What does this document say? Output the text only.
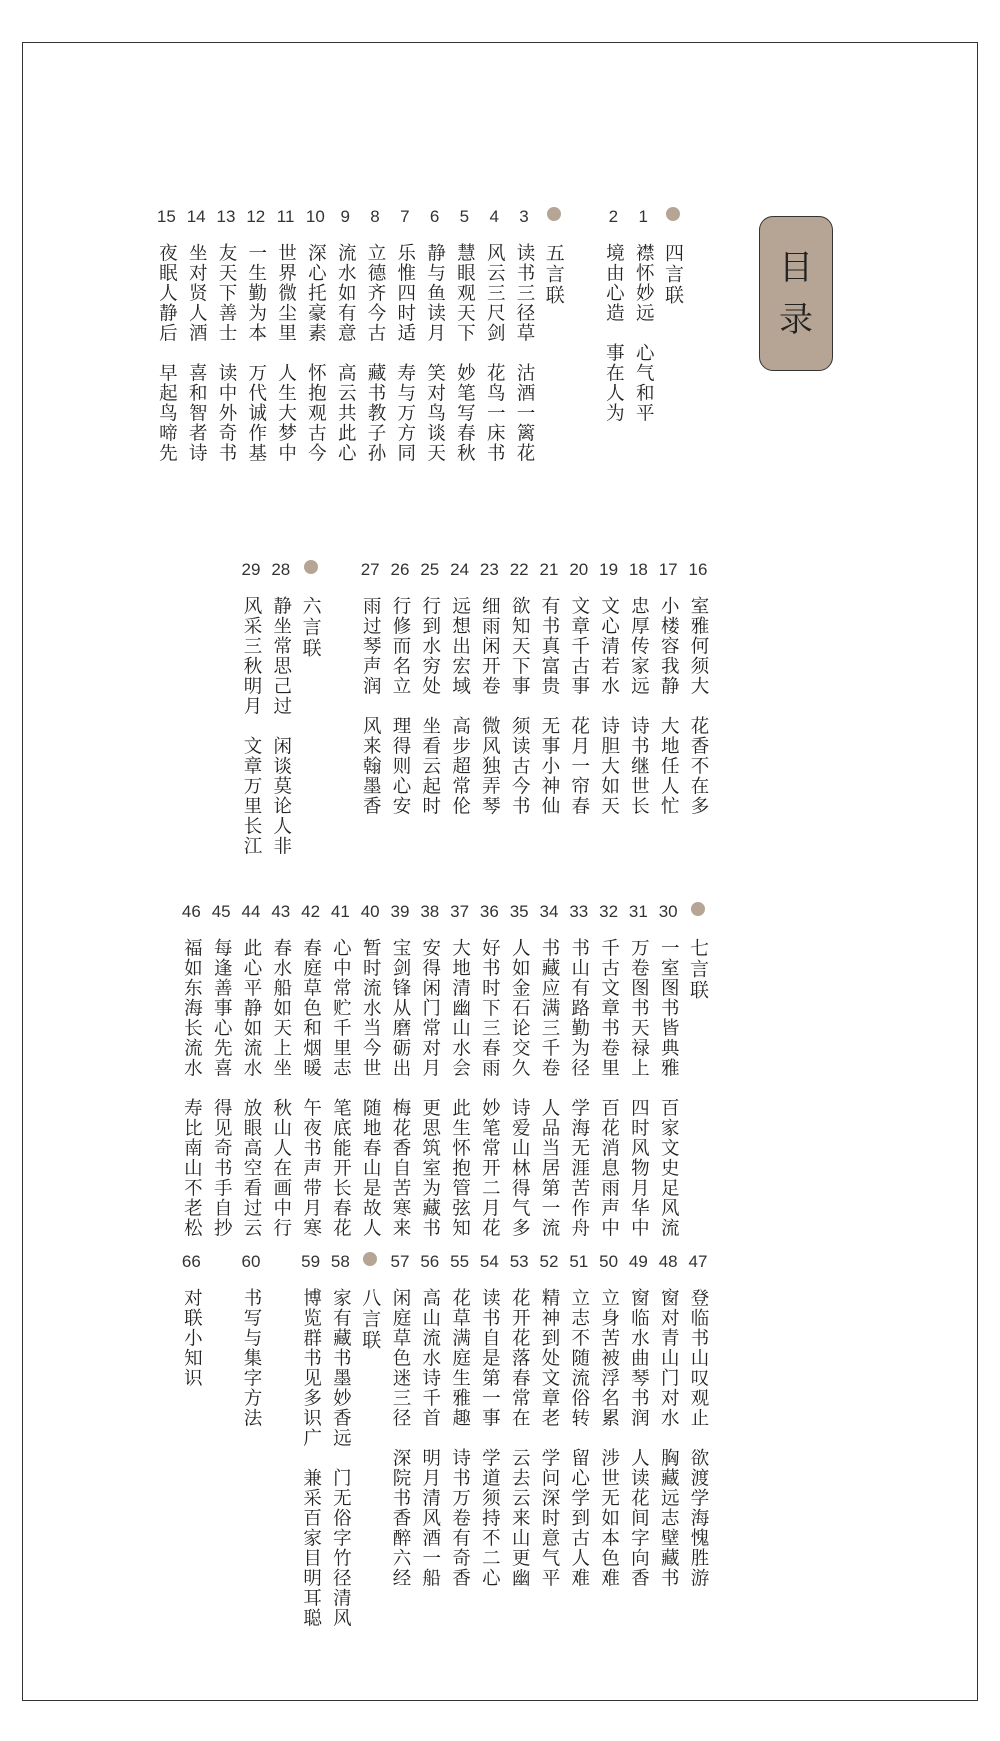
目
录
四言联
1
襟怀妙远　心气和平
2
境由心造　事在人为
五言联
3
读书三径草　沽酒一篱花
4
风云三尺剑　花鸟一床书
5
慧眼观天下　妙笔写春秋
6
静与鱼读月　笑对鸟谈天
7
乐惟四时适　寿与万方同
8
立德齐今古　藏书教子孙
9
流水如有意　高云共此心
10
深心托豪素　怀抱观古今
11
世界微尘里　人生大梦中
12
一生勤为本　万代诚作基
13
友天下善士　读中外奇书
14
坐对贤人酒　喜和智者诗
15
夜眠人静后　早起鸟啼先
16
室雅何须大　花香不在多
17
小楼容我静　大地任人忙
18
忠厚传家远　诗书继世长
19
文心清若水　诗胆大如天
20
文章千古事　花月一帘春
21
有书真富贵　无事小神仙
22
欲知天下事　须读古今书
23
细雨闲开卷　微风独弄琴
24
远想出宏域　高步超常伦
25
行到水穷处　坐看云起时
26
行修而名立　理得则心安
27
雨过琴声润　风来翰墨香
六言联
28
静坐常思己过　闲谈莫论人非
29
风采三秋明月　文章万里长江
七言联
30
一室图书皆典雅　百家文史足风流
31
万卷图书天禄上　四时风物月华中
32
千古文章书卷里　百花消息雨声中
33
书山有路勤为径　学海无涯苦作舟
34
书藏应满三千卷　人品当居第一流
35
人如金石论交久　诗爱山林得气多
36
好书时下三春雨　妙笔常开二月花
37
大地清幽山水会　此生怀抱管弦知
38
安得闲门常对月　更思筑室为藏书
39
宝剑锋从磨砺出　梅花香自苦寒来
40
暂时流水当今世　随地春山是故人
41
心中常贮千里志　笔底能开长春花
42
春庭草色和烟暖　午夜书声带月寒
43
春水船如天上坐　秋山人在画中行
44
此心平静如流水　放眼高空看过云
45
每逢善事心先喜　得见奇书手自抄
46
福如东海长流水　寿比南山不老松
47
登临书山叹观止　欲渡学海愧胜游
48
窗对青山门对水　胸藏远志壁藏书
49
窗临水曲琴书润　人读花间字向香
50
立身苦被浮名累　涉世无如本色难
51
立志不随流俗转　留心学到古人难
52
精神到处文章老　学问深时意气平
53
花开花落春常在　云去云来山更幽
54
读书自是第一事　学道须持不二心
55
花草满庭生雅趣　诗书万卷有奇香
56
高山流水诗千首　明月清风酒一船
57
闲庭草色迷三径　深院书香醉六经
八言联
58
家有藏书墨妙香远　门无俗字竹径清风
59
博览群书见多识广　兼采百家目明耳聪
60
书写与集字方法
66
对联小知识
